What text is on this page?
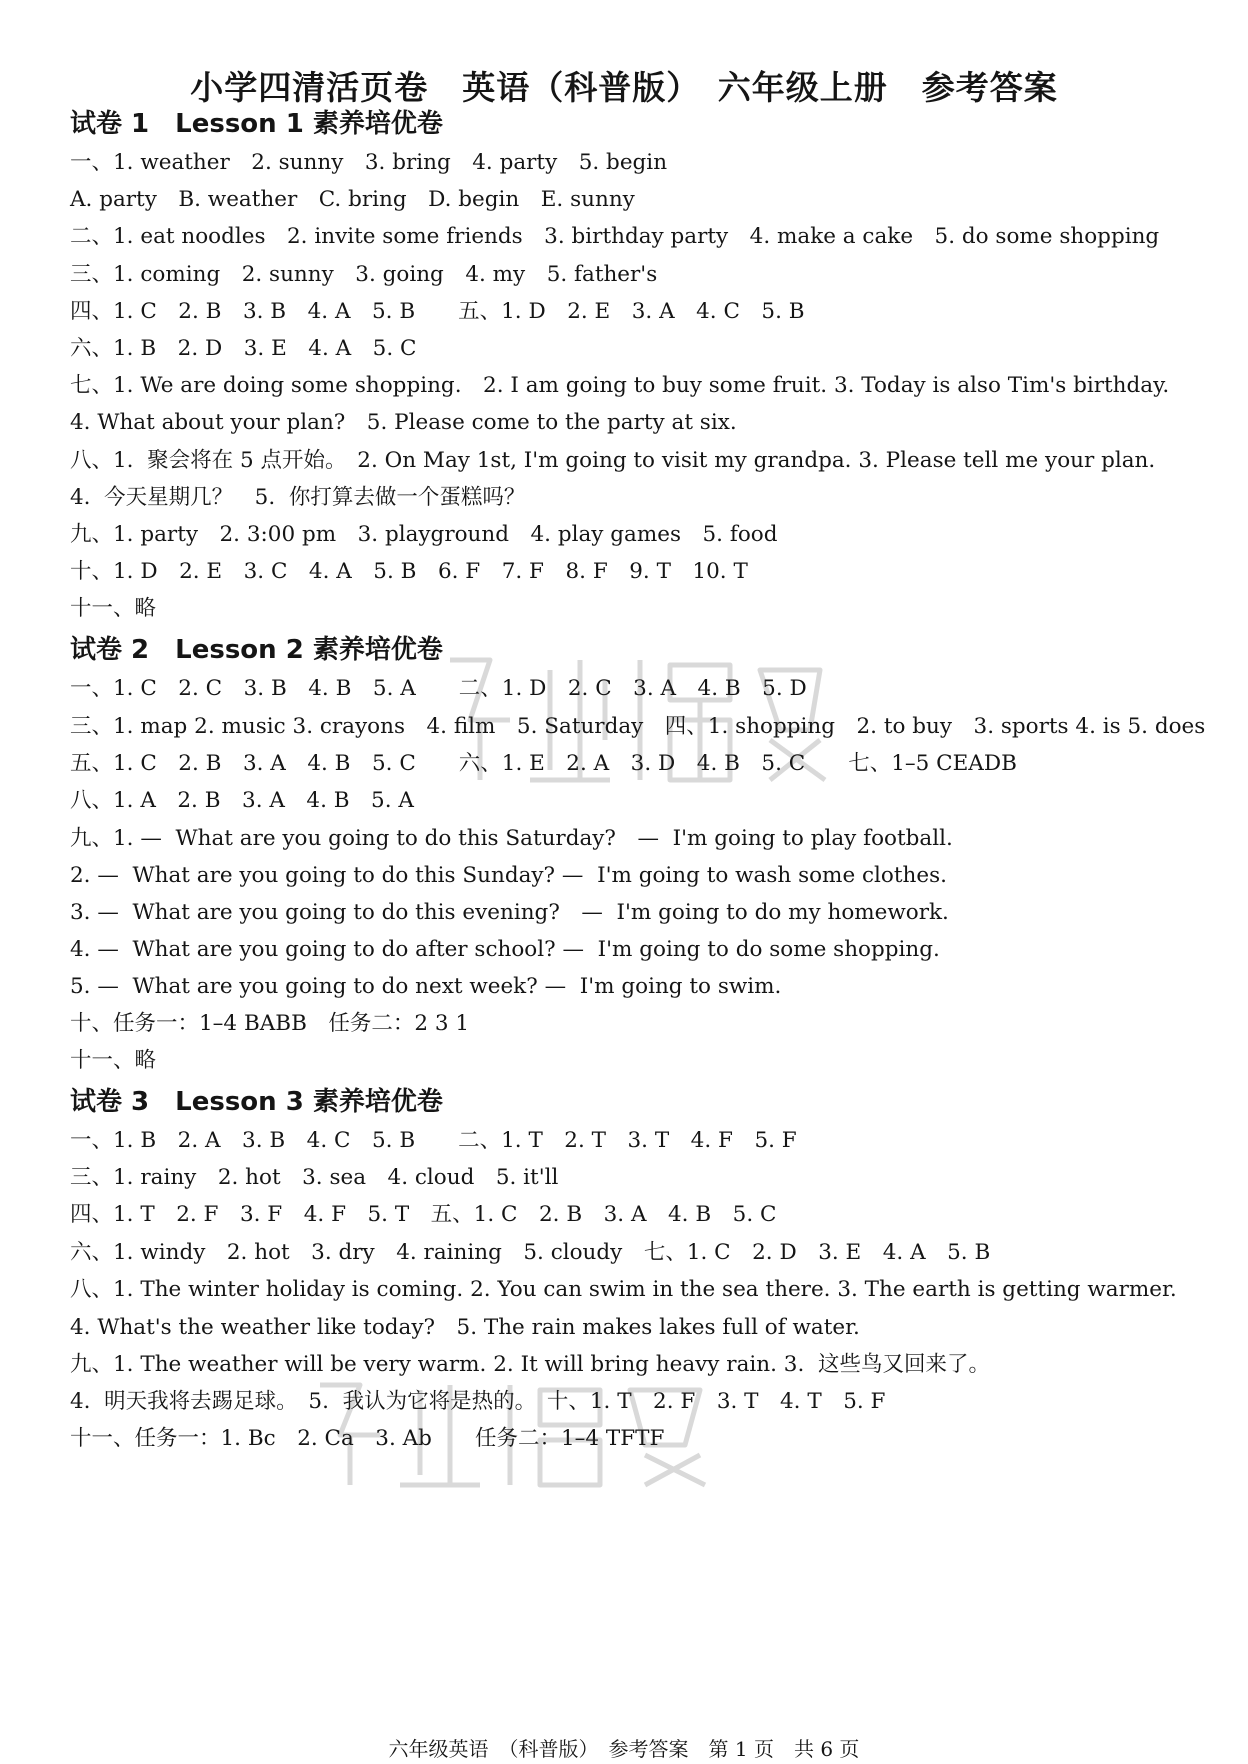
小学四清活页卷　英语（科普版）　六年级上册　参考答案
试卷 1　Lesson 1 素养培优卷
一、1. weather　2. sunny　3. bring　4. party　5. begin
A. party　B. weather　C. bring　D. begin　E. sunny
二、1. eat noodles　2. invite some friends　3. birthday party　4. make a cake　5. do some shopping
三、1. coming　2. sunny　3. going　4. my　5. father's
四、1. C　2. B　3. B　4. A　5. B　　五、1. D　2. E　3. A　4. C　5. B
六、1. B　2. D　3. E　4. A　5. C
七、1. We are doing some shopping.　2. I am going to buy some fruit. 3. Today is also Tim's birthday.
4. What about your plan?　5. Please come to the party at six.
八、1.  聚会将在 5 点开始。　2. On May 1st, I'm going to visit my grandpa. 3. Please tell me your plan.
4.  今天星期几？　5.  你打算去做一个蛋糕吗？
九、1. party　2. 3:00 pm　3. playground　4. play games　5. food
十、1. D　2. E　3. C　4. A　5. B　6. F　7. F　8. F　9. T　10. T
十一、略
试卷 2　Lesson 2 素养培优卷
一、1. C　2. C　3. B　4. B　5. A　　二、1. D　2. C　3. A　4. B　5. D
三、1. map 2. music 3. crayons　4. film　5. Saturday　四、1. shopping　2. to buy　3. sports 4. is 5. does
五、1. C　2. B　3. A　4. B　5. C　　六、1. E　2. A　3. D　4. B　5. C　　七、1–5 CEADB
八、1. A　2. B　3. A　4. B　5. A
九、1. —  What are you going to do this Saturday?　—  I'm going to play football.
2. —  What are you going to do this Sunday? —  I'm going to wash some clothes.
3. —  What are you going to do this evening?　—  I'm going to do my homework.
4. —  What are you going to do after school? —  I'm going to do some shopping.
5. —  What are you going to do next week? —  I'm going to swim.
十、任务一：1–4 BABB　任务二：2 3 1
十一、略
试卷 3　Lesson 3 素养培优卷
一、1. B　2. A　3. B　4. C　5. B　　二、1. T　2. T　3. T　4. F　5. F
三、1. rainy　2. hot　3. sea　4. cloud　5. it'll
四、1. T　2. F　3. F　4. F　5. T　五、1. C　2. B　3. A　4. B　5. C
六、1. windy　2. hot　3. dry　4. raining　5. cloudy　七、1. C　2. D　3. E　4. A　5. B
八、1. The winter holiday is coming. 2. You can swim in the sea there. 3. The earth is getting warmer.
4. What's the weather like today?　5. The rain makes lakes full of water.
九、1. The weather will be very warm. 2. It will bring heavy rain. 3.  这些鸟又回来了。
4.  明天我将去踢足球。　5.  我认为它将是热的。　十、1. T　2. F　3. T　4. T　5. F
十一、任务一：1. Bc　2. Ca　3. Ab　　任务二：1–4 TFTF
六年级英语　（科普版）　参考答案　第 1 页　共 6 页
